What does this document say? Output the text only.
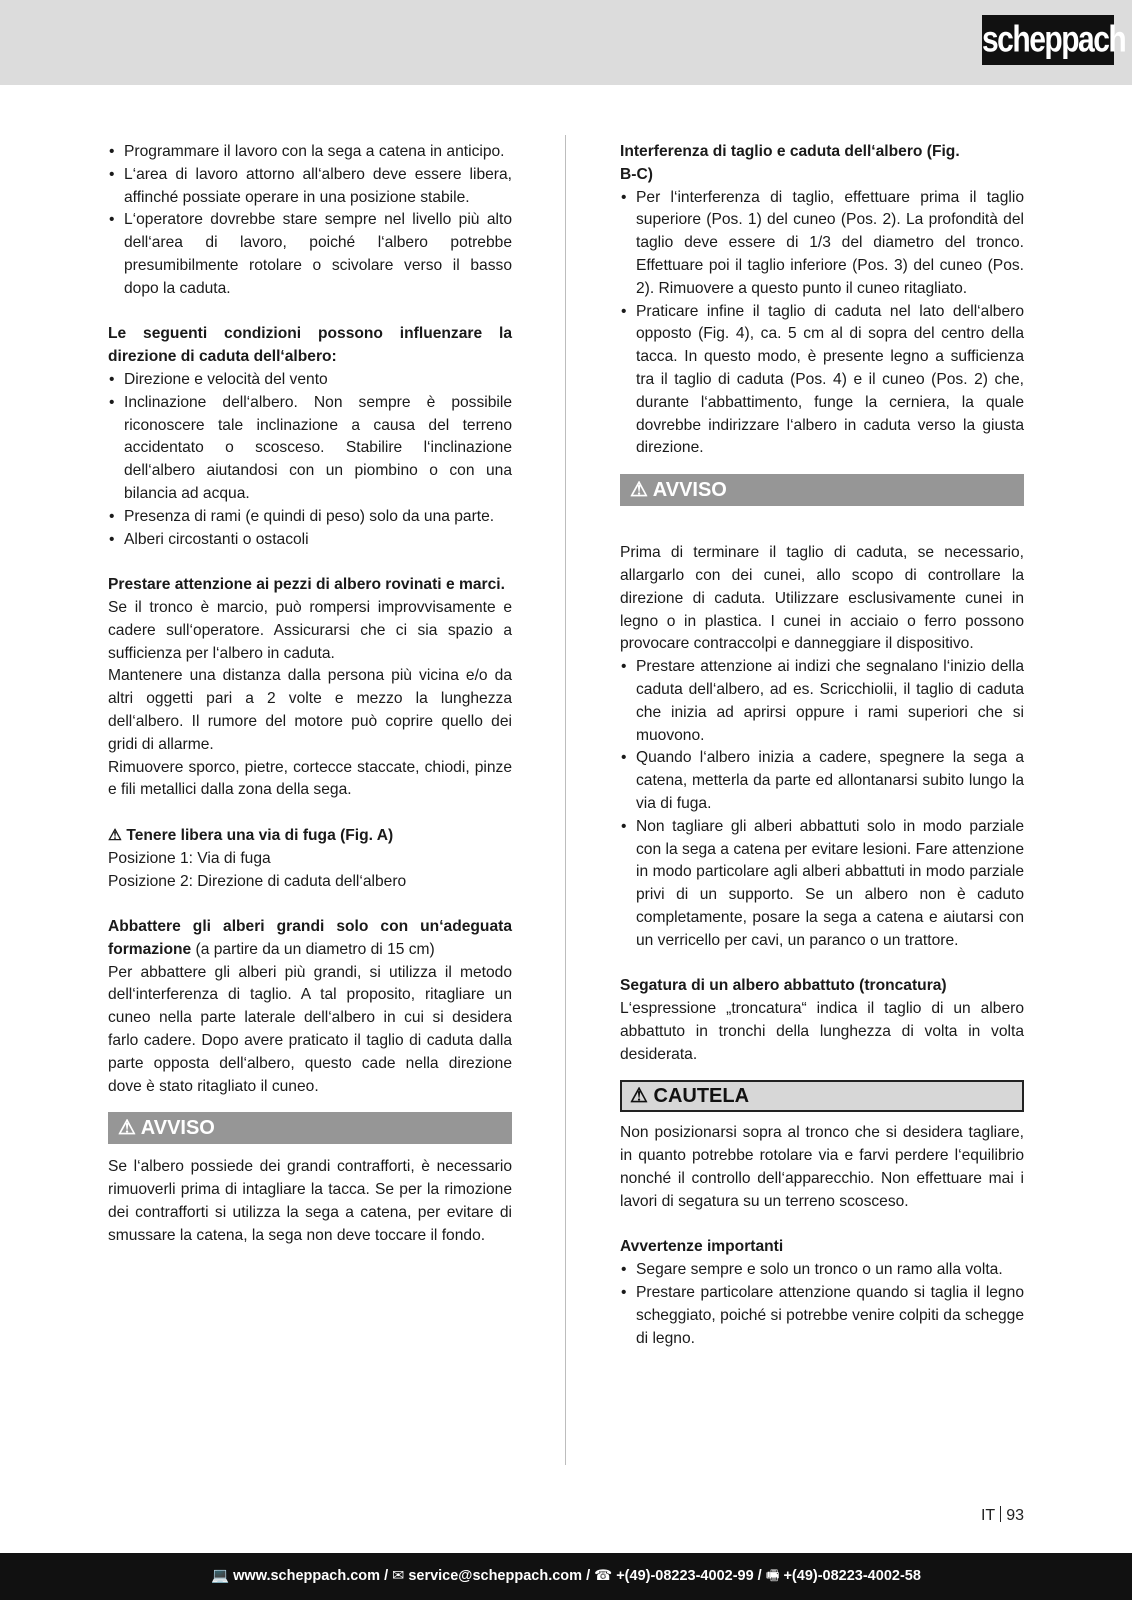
scheppach
• Programmare il lavoro con la sega a catena in anticipo.
• L‘area di lavoro attorno all‘albero deve essere libera, affinché possiate operare in una posizione stabile.
• L‘operatore dovrebbe stare sempre nel livello più alto dell‘area di lavoro, poiché l‘albero potrebbe presumibilmente rotolare o scivolare verso il basso dopo la caduta.

Le seguenti condizioni possono influenzare la direzione di caduta dell‘albero:

• Direzione e velocità del vento
• Inclinazione dell‘albero. Non sempre è possibile riconoscere tale inclinazione a causa del terreno accidentato o scosceso. Stabilire l‘inclinazione dell‘albero aiutandosi con un piombino o con una bilancia ad acqua.
• Presenza di rami (e quindi di peso) solo da una parte.
• Alberi circostanti o ostacoli

Prestare attenzione ai pezzi di albero rovinati e marci.

Se il tronco è marcio, può rompersi improvvisamente e cadere sull‘operatore. Assicurarsi che ci sia spazio a sufficienza per l‘albero in caduta.

Mantenere una distanza dalla persona più vicina e/o da altri oggetti pari a 2 volte e mezzo la lunghezza dell‘albero. Il rumore del motore può coprire quello dei gridi di allarme.

Rimuovere sporco, pietre, cortecce staccate, chiodi, pinze e fili metallici dalla zona della sega.

⚠ Tenere libera una via di fuga (Fig. A)

Posizione 1: Via di fuga

Posizione 2: Direzione di caduta dell‘albero

Abbattere gli alberi grandi solo con un‘adeguata formazione (a partire da un diametro di 15 cm)

Per abbattere gli alberi più grandi, si utilizza il metodo dell‘interferenza di taglio. A tal proposito, ritagliare un cuneo nella parte laterale dell‘albero in cui si desidera farlo cadere. Dopo avere praticato il taglio di caduta dalla parte opposta dell‘albero, questo cade nella direzione dove è stato ritagliato il cuneo.

⚠ AVVISO

Se l‘albero possiede dei grandi contrafforti, è necessario rimuoverli prima di intagliare la tacca. Se per la rimozione dei contrafforti si utilizza la sega a catena, per evitare di smussare la catena, la sega non deve toccare il fondo.

Interferenza di taglio e caduta dell‘albero (Fig. B-C)

• Per l‘interferenza di taglio, effettuare prima il taglio superiore (Pos. 1) del cuneo (Pos. 2). La profondità del taglio deve essere di 1/3 del diametro del tronco. Effettuare poi il taglio inferiore (Pos. 3) del cuneo (Pos. 2). Rimuovere a questo punto il cuneo ritagliato.
• Praticare infine il taglio di caduta nel lato dell‘albero opposto (Fig. 4), ca. 5 cm al di sopra del centro della tacca. In questo modo, è presente legno a sufficienza tra il taglio di caduta (Pos. 4) e il cuneo (Pos. 2) che, durante l‘abbattimento, funge la cerniera, la quale dovrebbe indirizzare l‘albero in caduta verso la giusta direzione.
⚠ AVVISO

Prima di terminare il taglio di caduta, se necessario, allargarlo con dei cunei, allo scopo di controllare la direzione di caduta. Utilizzare esclusivamente cunei in legno o in plastica. I cunei in acciaio o ferro possono provocare contraccolpi e danneggiare il dispositivo.

• Prestare attenzione ai indizi che segnalano l‘inizio della caduta dell‘albero, ad es. Scricchiolii, il taglio di caduta che inizia ad aprirsi oppure i rami superiori che si muovono.
• Quando l‘albero inizia a cadere, spegnere la sega a catena, metterla da parte ed allontanarsi subito lungo la via di fuga.
• Non tagliare gli alberi abbattuti solo in modo parziale con la sega a catena per evitare lesioni. Fare attenzione in modo particolare agli alberi abbattuti in modo parziale privi di un supporto. Se un albero non è caduto completamente, posare la sega a catena e aiutarsi con un verricello per cavi, un paranco o un trattore.

Segatura di un albero abbattuto (troncatura)

L‘espressione „troncatura“ indica il taglio di un albero abbattuto in tronchi della lunghezza di volta in volta desiderata.

⚠ CAUTELA

Non posizionarsi sopra al tronco che si desidera tagliare, in quanto potrebbe rotolare via e farvi perdere l‘equilibrio nonché il controllo dell‘apparecchio. Non effettuare mai i lavori di segatura su un terreno scosceso.

Avvertenze importanti

• Segare sempre e solo un tronco o un ramo alla volta.
• Prestare particolare attenzione quando si taglia il legno scheggiato, poiché si potrebbe venire colpiti da schegge di legno.
IT 93
💻 www.scheppach.com / ✉ service@scheppach.com / ☎ +(49)-08223-4002-99 / 🖷 +(49)-08223-4002-58
